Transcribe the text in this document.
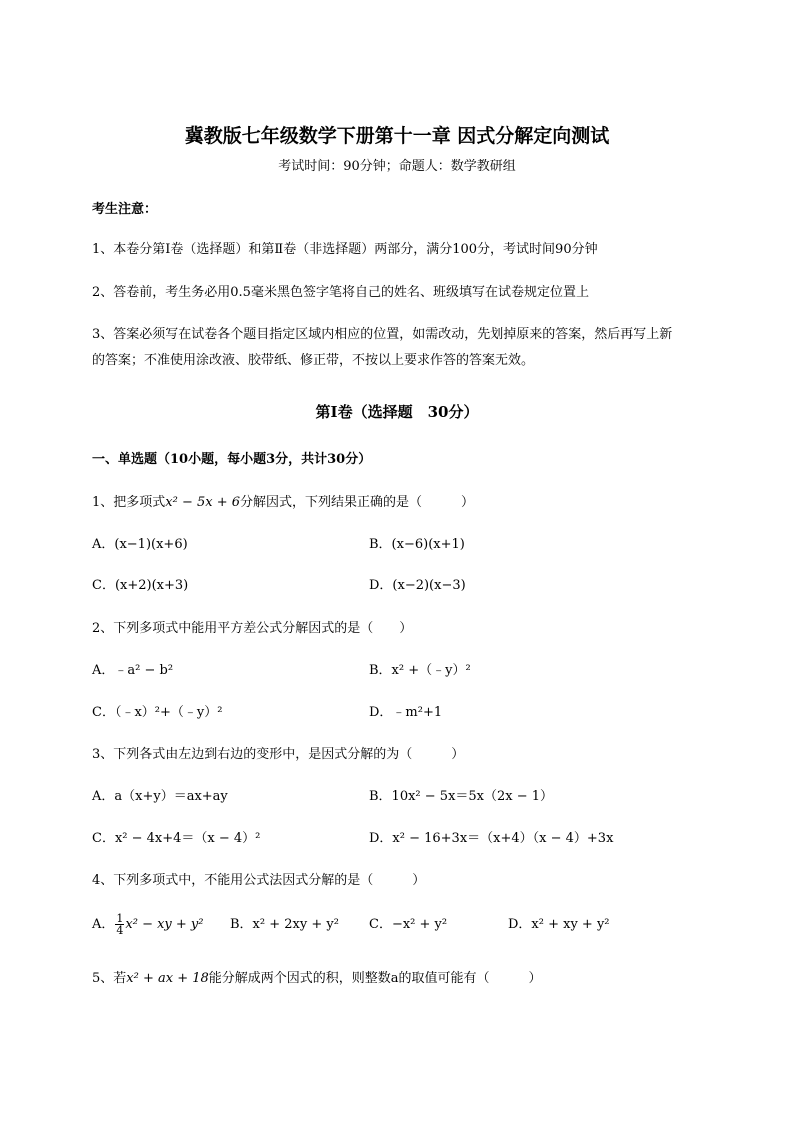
冀教版七年级数学下册第十一章 因式分解定向测试
考试时间：90分钟；命题人：数学教研组
考生注意：
1、本卷分第I卷（选择题）和第Ⅱ卷（非选择题）两部分，满分100分，考试时间90分钟
2、答卷前，考生务必用0.5毫米黑色签字笔将自己的姓名、班级填写在试卷规定位置上
3、答案必须写在试卷各个题目指定区域内相应的位置，如需改动，先划掉原来的答案，然后再写上新
的答案；不准使用涂改液、胶带纸、修正带，不按以上要求作答的答案无效。
第I卷（选择题　30分）
一、单选题（10小题，每小题3分，共计30分）
1、把多项式x² − 5x + 6分解因式，下列结果正确的是（　　　）
A．(x−1)(x+6)	B．(x−6)(x+1)
C．(x+2)(x+3)	D．(x−2)(x−3)
2、下列多项式中能用平方差公式分解因式的是（　　）
A．﹣a² − b²	B．x² +（﹣y）²
C．（﹣x）²+（﹣y）²	D．﹣m²+1
3、下列各式由左边到右边的变形中，是因式分解的为（　　　）
A．a（x+y）＝ax+ay	B．10x² − 5x＝5x（2x − 1）
C．x² − 4x+4＝（x − 4）²	D．x² − 16+3x＝（x+4）（x − 4）+3x
4、下列多项式中，不能用公式法因式分解的是（　　　）
A． $\frac{1}{4} x^2$ − xy + y² B．x² + 2xy + y² C．−x² + y²	D．x² + xy + y²
5、若x² + ax + 18能分解成两个因式的积，则整数a的取值可能有（　　　）
